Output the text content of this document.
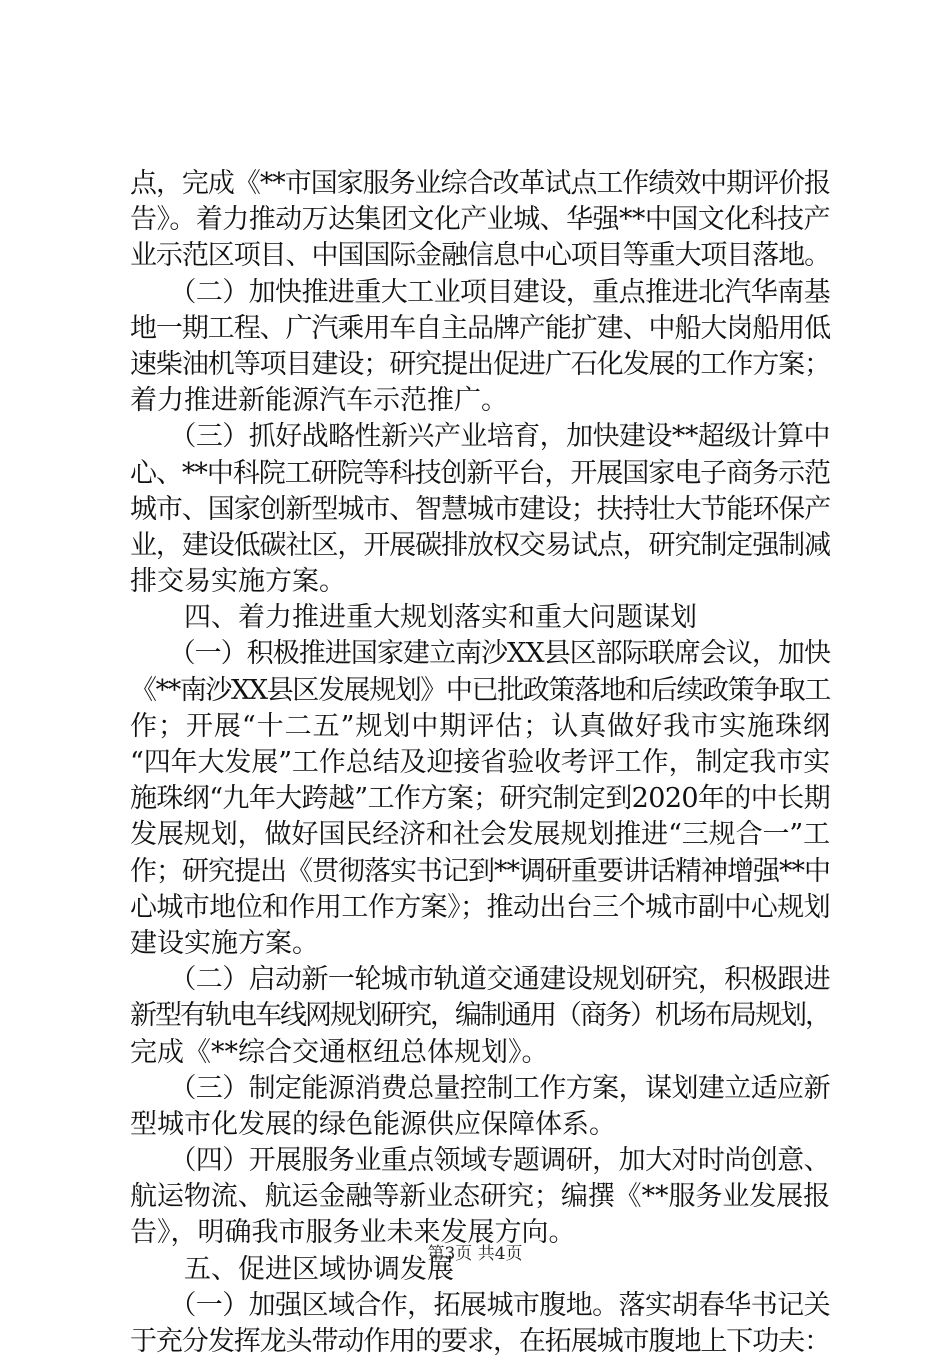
点，完成《**市国家服务业综合改革试点工作绩效中期评价报
告》。着力推动万达集团文化产业城、华强**中国文化科技产
业示范区项目、中国国际金融信息中心项目等重大项目落地。
　　（二）加快推进重大工业项目建设，重点推进北汽华南基
地一期工程、广汽乘用车自主品牌产能扩建、中船大岗船用低
速柴油机等项目建设；研究提出促进广石化发展的工作方案；
着力推进新能源汽车示范推广。
　　（三）抓好战略性新兴产业培育，加快建设**超级计算中
心、**中科院工研院等科技创新平台，开展国家电子商务示范
城市、国家创新型城市、智慧城市建设；扶持壮大节能环保产
业，建设低碳社区，开展碳排放权交易试点，研究制定强制减
排交易实施方案。
　　四、着力推进重大规划落实和重大问题谋划
　　（一）积极推进国家建立南沙XX县区部际联席会议，加快
《**南沙XX县区发展规划》中已批政策落地和后续政策争取工
作；开展“十二五”规划中期评估；认真做好我市实施珠纲
“四年大发展”工作总结及迎接省验收考评工作，制定我市实
施珠纲“九年大跨越”工作方案；研究制定到2020年的中长期
发展规划，做好国民经济和社会发展规划推进“三规合一”工
作；研究提出《贯彻落实书记到**调研重要讲话精神增强**中
心城市地位和作用工作方案》；推动出台三个城市副中心规划
建设实施方案。
　　（二）启动新一轮城市轨道交通建设规划研究，积极跟进
新型有轨电车线网规划研究，编制通用（商务）机场布局规划，
完成《**综合交通枢纽总体规划》。
　　（三）制定能源消费总量控制工作方案，谋划建立适应新
型城市化发展的绿色能源供应保障体系。
　　（四）开展服务业重点领域专题调研，加大对时尚创意、
航运物流、航运金融等新业态研究；编撰《**服务业发展报
告》，明确我市服务业未来发展方向。
　　五、促进区域协调发展
　　（一）加强区域合作，拓展城市腹地。落实胡春华书记关
于充分发挥龙头带动作用的要求，在拓展城市腹地上下功夫：
第3页 共4页
